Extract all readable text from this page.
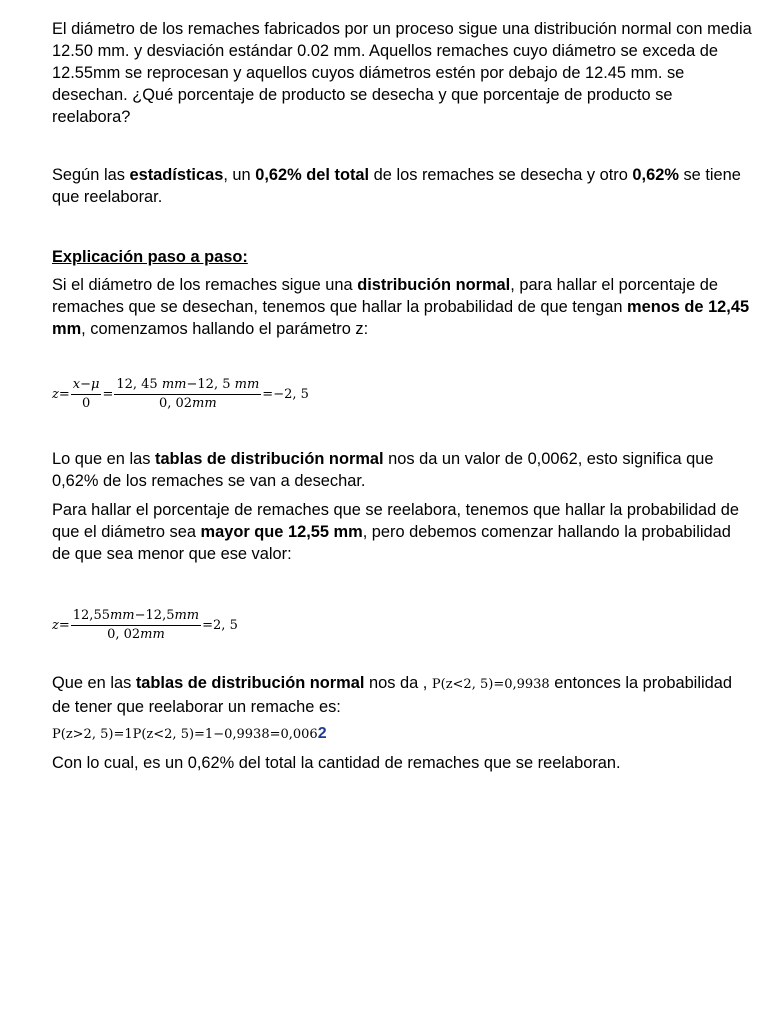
El diámetro de los remaches fabricados por un proceso sigue una distribución normal con media 12.50 mm. y desviación estándar 0.02 mm. Aquellos remaches cuyo diámetro se exceda de 12.55mm se reprocesan y aquellos cuyos diámetros estén por debajo de 12.45 mm. se desechan. ¿Qué porcentaje de producto se desecha y que porcentaje de producto se reelabora?

Según las estadísticas, un 0,62% del total de los remaches se desecha y otro 0,62% se tiene que reelaborar.

Explicación paso a paso:

Si el diámetro de los remaches sigue una distribución normal, para hallar el porcentaje de remaches que se desechan, tenemos que hallar la probabilidad de que tengan menos de 12,45 mm, comenzamos hallando el parámetro z:

$z = \frac{x-\mu}{0} = \frac{12, 45 mm-12, 5 mm}{0, 02mm} =-2$, 5

Lo que en las tablas de distribución normal nos da un valor de 0,0062, esto significa que 0,62% de los remaches se van a desechar.

Para hallar el porcentaje de remaches que se reelabora, tenemos que hallar la probabilidad de que el diámetro sea mayor que 12,55 mm, pero debemos comenzar hallando la probabilidad de que sea menor que ese valor:

$z = \frac{12,55mm-12,5mm}{0, 02mm} =2$, 5

Que en las tablas de distribución normal nos da , P(z<2, 5)=0,9938 entonces la probabilidad de tener que reelaborar un remache es:

P(z>2, 5)=1P(z<2, 5)=1−0,9938=0,0062

Con lo cual, es un 0,62% del total la cantidad de remaches que se reelaboran.
